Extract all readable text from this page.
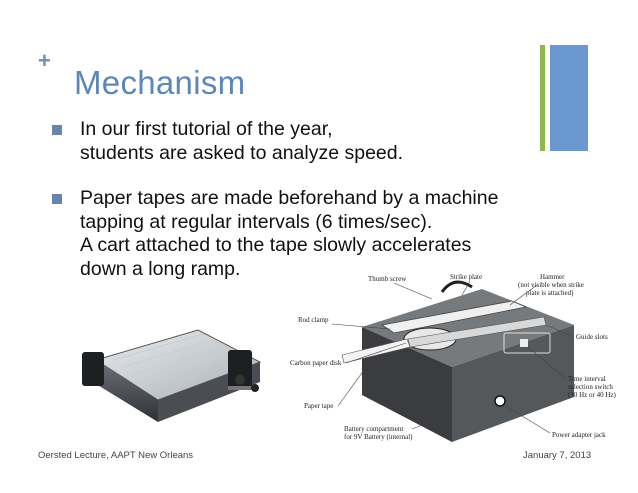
+
Mechanism
In our first tutorial of the year,
students are asked to analyze speed.
Paper tapes are made beforehand by a machine
tapping at regular intervals (6 times/sec).
A cart attached to the tape slowly accelerates
down a long ramp.	Thumb screw	Strike plate	Hammer
(not visible when strike
plate is attached)
Rod clamp
Guide slots
Carbon paper disk
Time interval
selection switch
(10 Hz or 40 Hz)
Paper tape
Battery compartment
for 9V Battery (internal)	Power adapter jack
Oersted Lecture, AAPT New Orleans	January 7, 2013
